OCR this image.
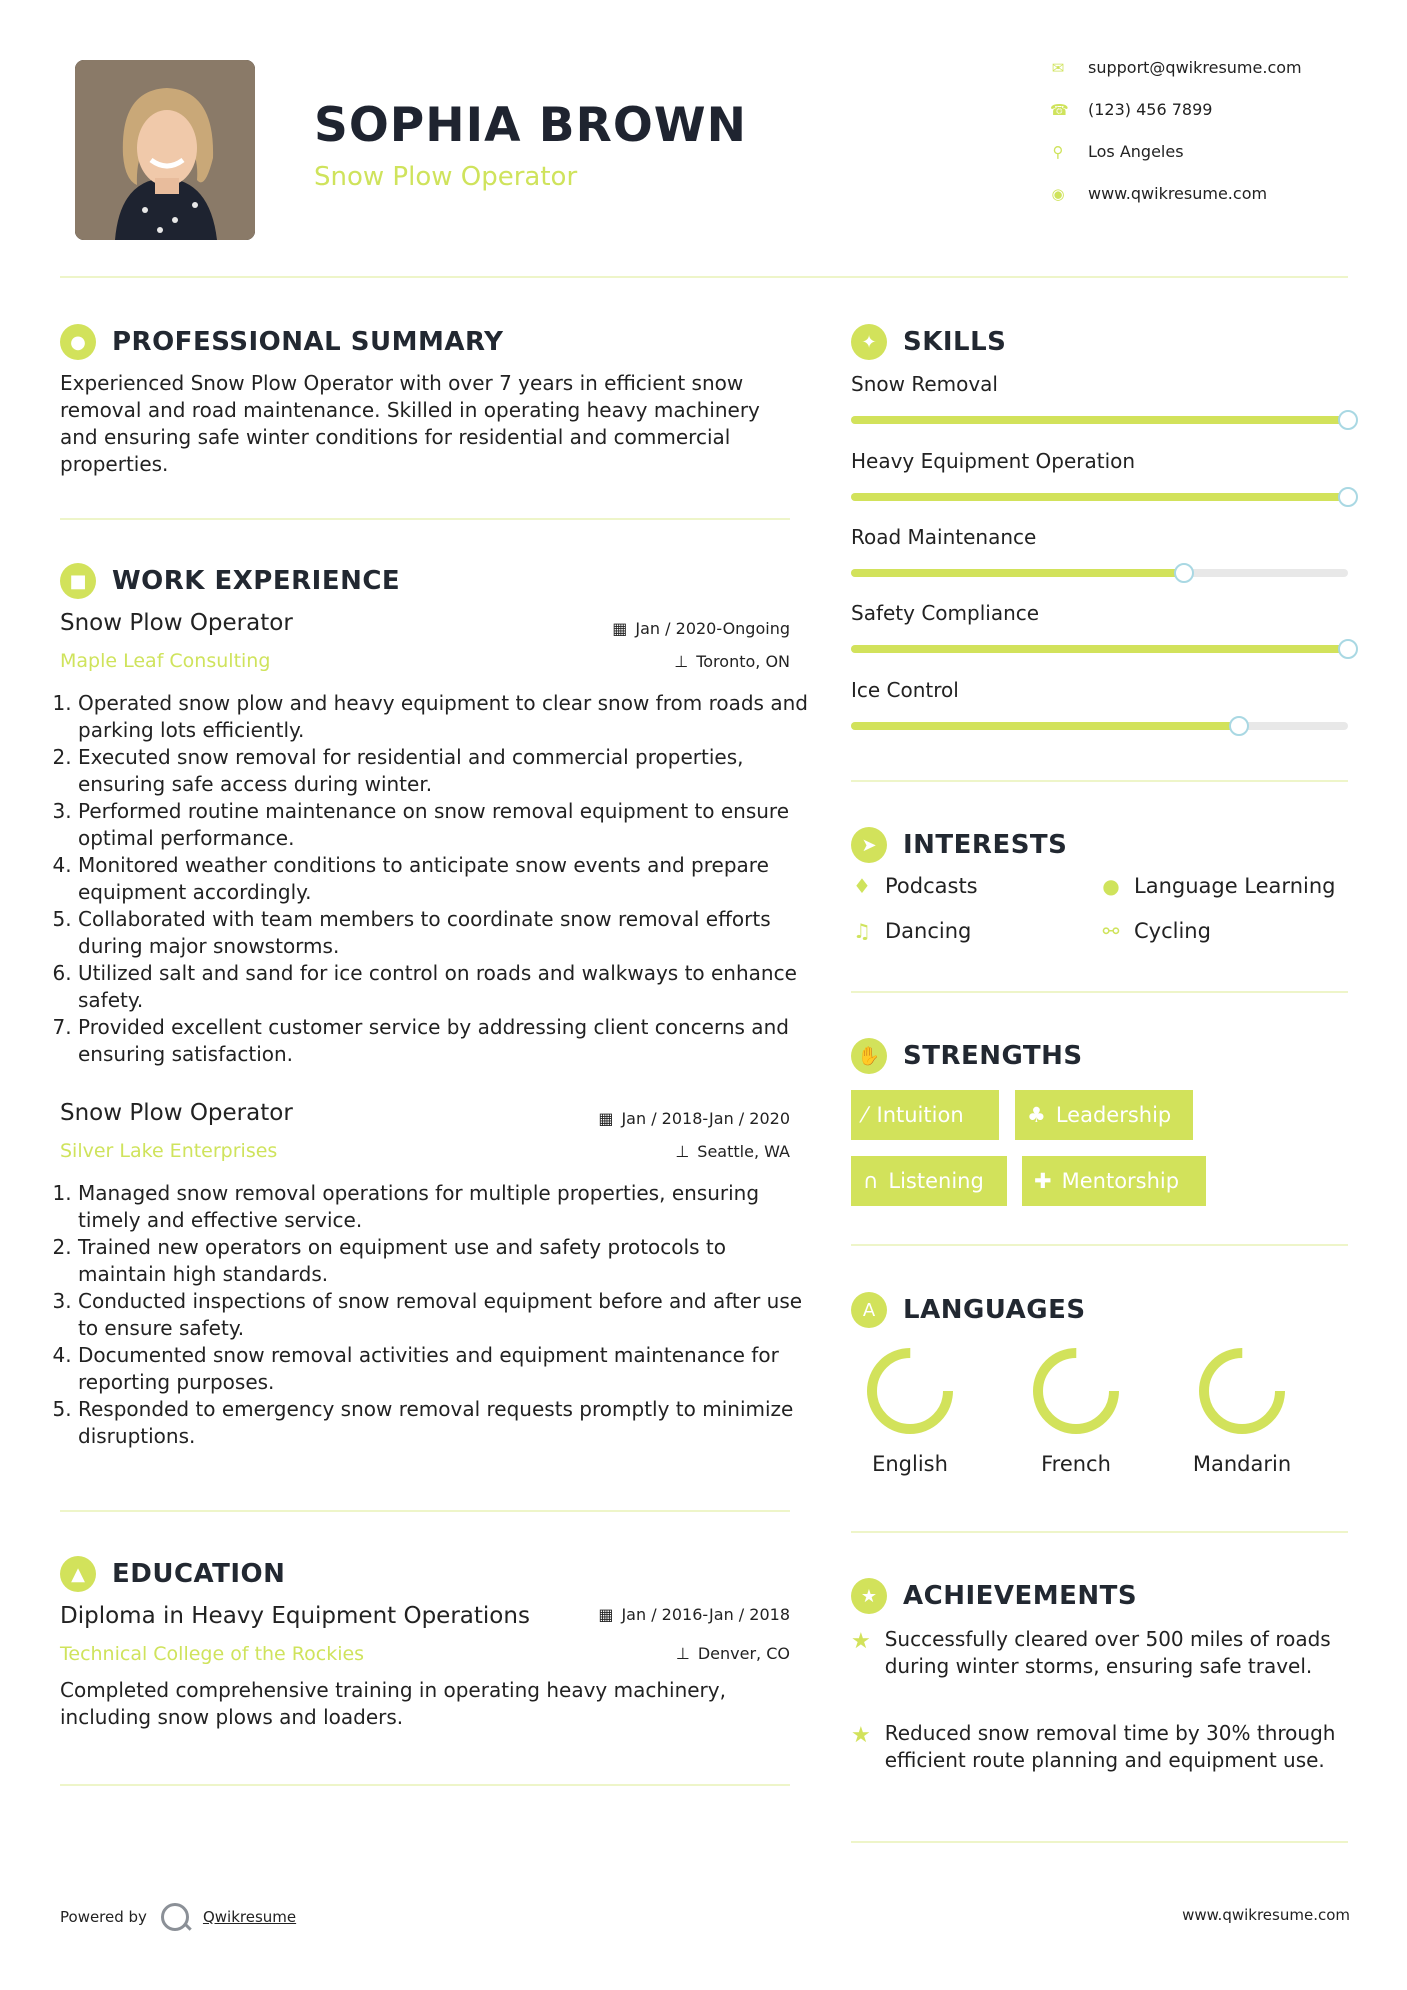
SOPHIA BROWN
Snow Plow Operator
✉ support@qwikresume.com
☎ (123) 456 7899
⚲ Los Angeles
◉ www.qwikresume.com
●	PROFESSIONAL SUMMARY
Experienced Snow Plow Operator with over 7 years in efficient snow removal and road maintenance. Skilled in operating heavy machinery and ensuring safe winter conditions for residential and commercial properties.
■ WORK EXPERIENCE
Snow Plow Operator	▦ Jan / 2020-Ongoing
Maple Leaf Consulting	⊥ Toronto, ON
1. Operated snow plow and heavy equipment to clear snow from roads and parking lots efficiently.
2. Executed snow removal for residential and commercial properties, ensuring safe access during winter.
3. Performed routine maintenance on snow removal equipment to ensure optimal performance.
4. Monitored weather conditions to anticipate snow events and prepare equipment accordingly.
5. Collaborated with team members to coordinate snow removal efforts during major snowstorms.
6. Utilized salt and sand for ice control on roads and walkways to enhance safety.
7. Provided excellent customer service by addressing client concerns and ensuring satisfaction.
Snow Plow Operator	▦ Jan / 2018-Jan / 2020
Silver Lake Enterprises	⊥ Seattle, WA
1. Managed snow removal operations for multiple properties, ensuring timely and effective service.
2. Trained new operators on equipment use and safety protocols to maintain high standards.
3. Conducted inspections of snow removal equipment before and after use to ensure safety.
4. Documented snow removal activities and equipment maintenance for reporting purposes.
5. Responded to emergency snow removal requests promptly to minimize disruptions.
▲	EDUCATION
Diploma in Heavy Equipment Operations	▦ Jan / 2016-Jan / 2018
Technical College of the Rockies	⊥ Denver, CO
Completed comprehensive training in operating heavy machinery, including snow plows and loaders.
✦	SKILLS
Snow Removal
Heavy Equipment Operation
Road Maintenance
Safety Compliance
Ice Control
➤	INTERESTS
♦ Podcasts	● Language Learning
♫ Dancing	⚯ Cycling
✋ STRENGTHS
⁄ Intuition	♣ Leadership
∩ Listening ✚ Mentorship
A	LANGUAGES
English	French	Mandarin
★ ACHIEVEMENTS
★ Successfully cleared over 500 miles of roads during winter storms, ensuring safe travel.
★ Reduced snow removal time by 30% through efficient route planning and equipment use.
Powered by	Qwikresume	www.qwikresume.com
